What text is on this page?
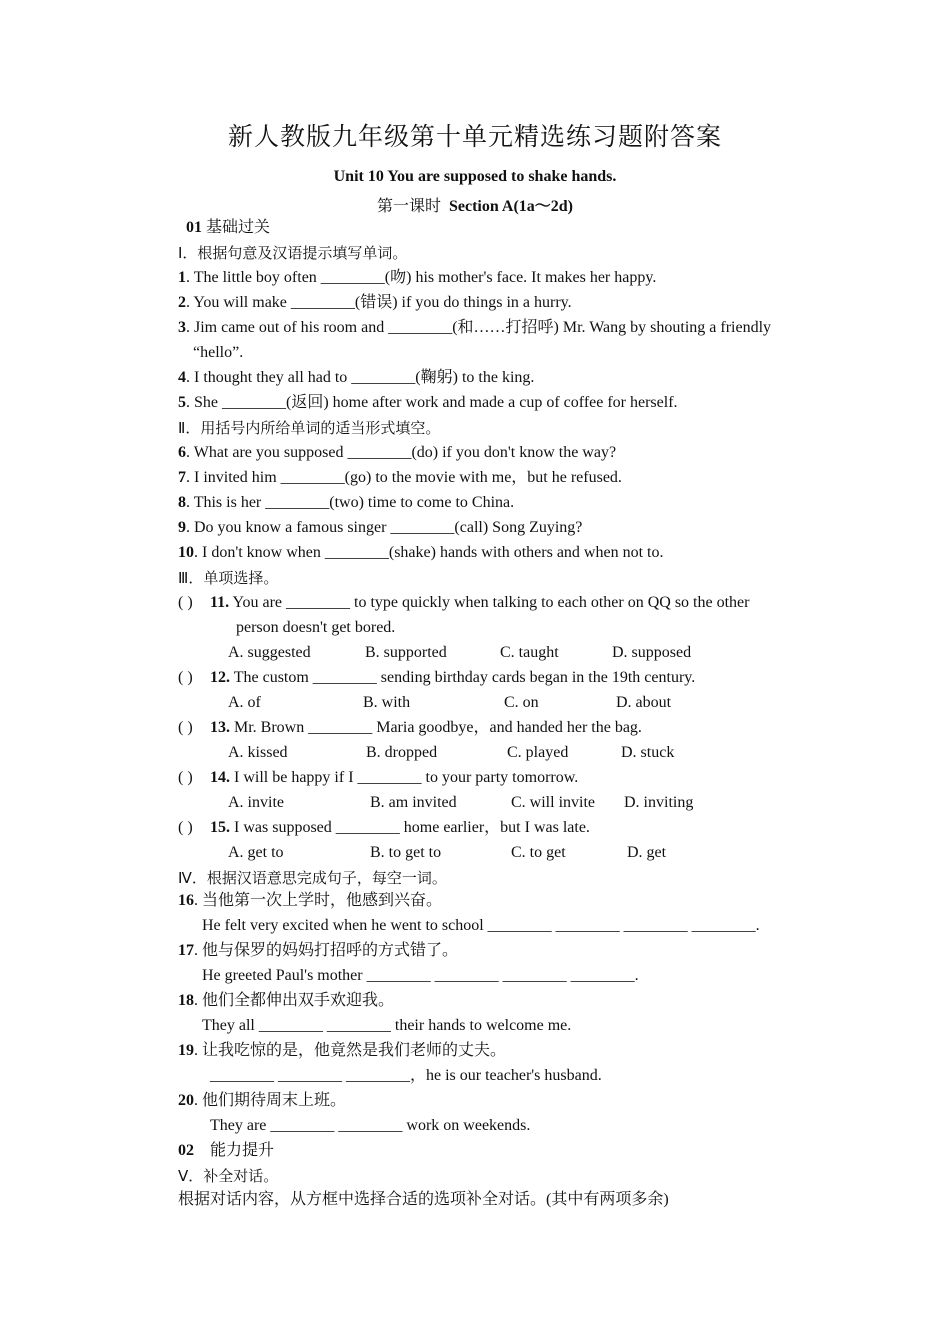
新人教版九年级第十单元精选练习题附答案
Unit 10 You are supposed to shake hands.
第一课时 Section A(1a～2d)
01 基础过关
Ⅰ．根据句意及汉语提示填写单词。
1. The little boy often ________(吻) his mother's face. It makes her happy.
2. You will make ________(错误) if you do things in a hurry.
3. Jim came out of his room and ________(和……打招呼) Mr. Wang by shouting a friendly
“hello”.
4. I thought they all had to ________(鞠躬) to the king.
5. She ________(返回) home after work and made a cup of coffee for herself.
Ⅱ．用括号内所给单词的适当形式填空。
6. What are you supposed ________(do) if you don't know the way?
7. I invited him ________(go) to the movie with me，but he refused.
8. This is her ________(two) time to come to China.
9. Do you know a famous singer ________(call) Song Zuying?
10. I don't know when ________(shake) hands with others and when not to.
Ⅲ．单项选择。
( ) 11. You are ________ to type quickly when talking to each other on QQ so the other
person doesn't get bored.
A. suggested	B. supported	C. taught	D. supposed
( ) 12. The custom ________ sending birthday cards began in the 19th century.
A. of	B. with	C. on	D. about
( ) 13. Mr. Brown ________ Maria goodbye，and handed her the bag.
A. kissed	B. dropped	C. played	D. stuck
( ) 14. I will be happy if I ________ to your party tomorrow.
A. invite	B. am invited	C. will invite D. inviting
( ) 15. I was supposed ________ home earlier，but I was late.
A. get to	B. to get to	C. to get	D. get
Ⅳ．根据汉语意思完成句子，每空一词。
16. 当他第一次上学时，他感到兴奋。
He felt very excited when he went to school ________ ________ ________ ________.
17. 他与保罗的妈妈打招呼的方式错了。
He greeted Paul's mother ________ ________ ________ ________.
18. 他们全都伸出双手欢迎我。
They all ________ ________ their hands to welcome me.
19. 让我吃惊的是，他竟然是我们老师的丈夫。
________ ________ ________，he is our teacher's husband.
20. 他们期待周末上班。
They are ________ ________ work on weekends.
02 能力提升
Ⅴ．补全对话。
根据对话内容，从方框中选择合适的选项补全对话。(其中有两项多余)
